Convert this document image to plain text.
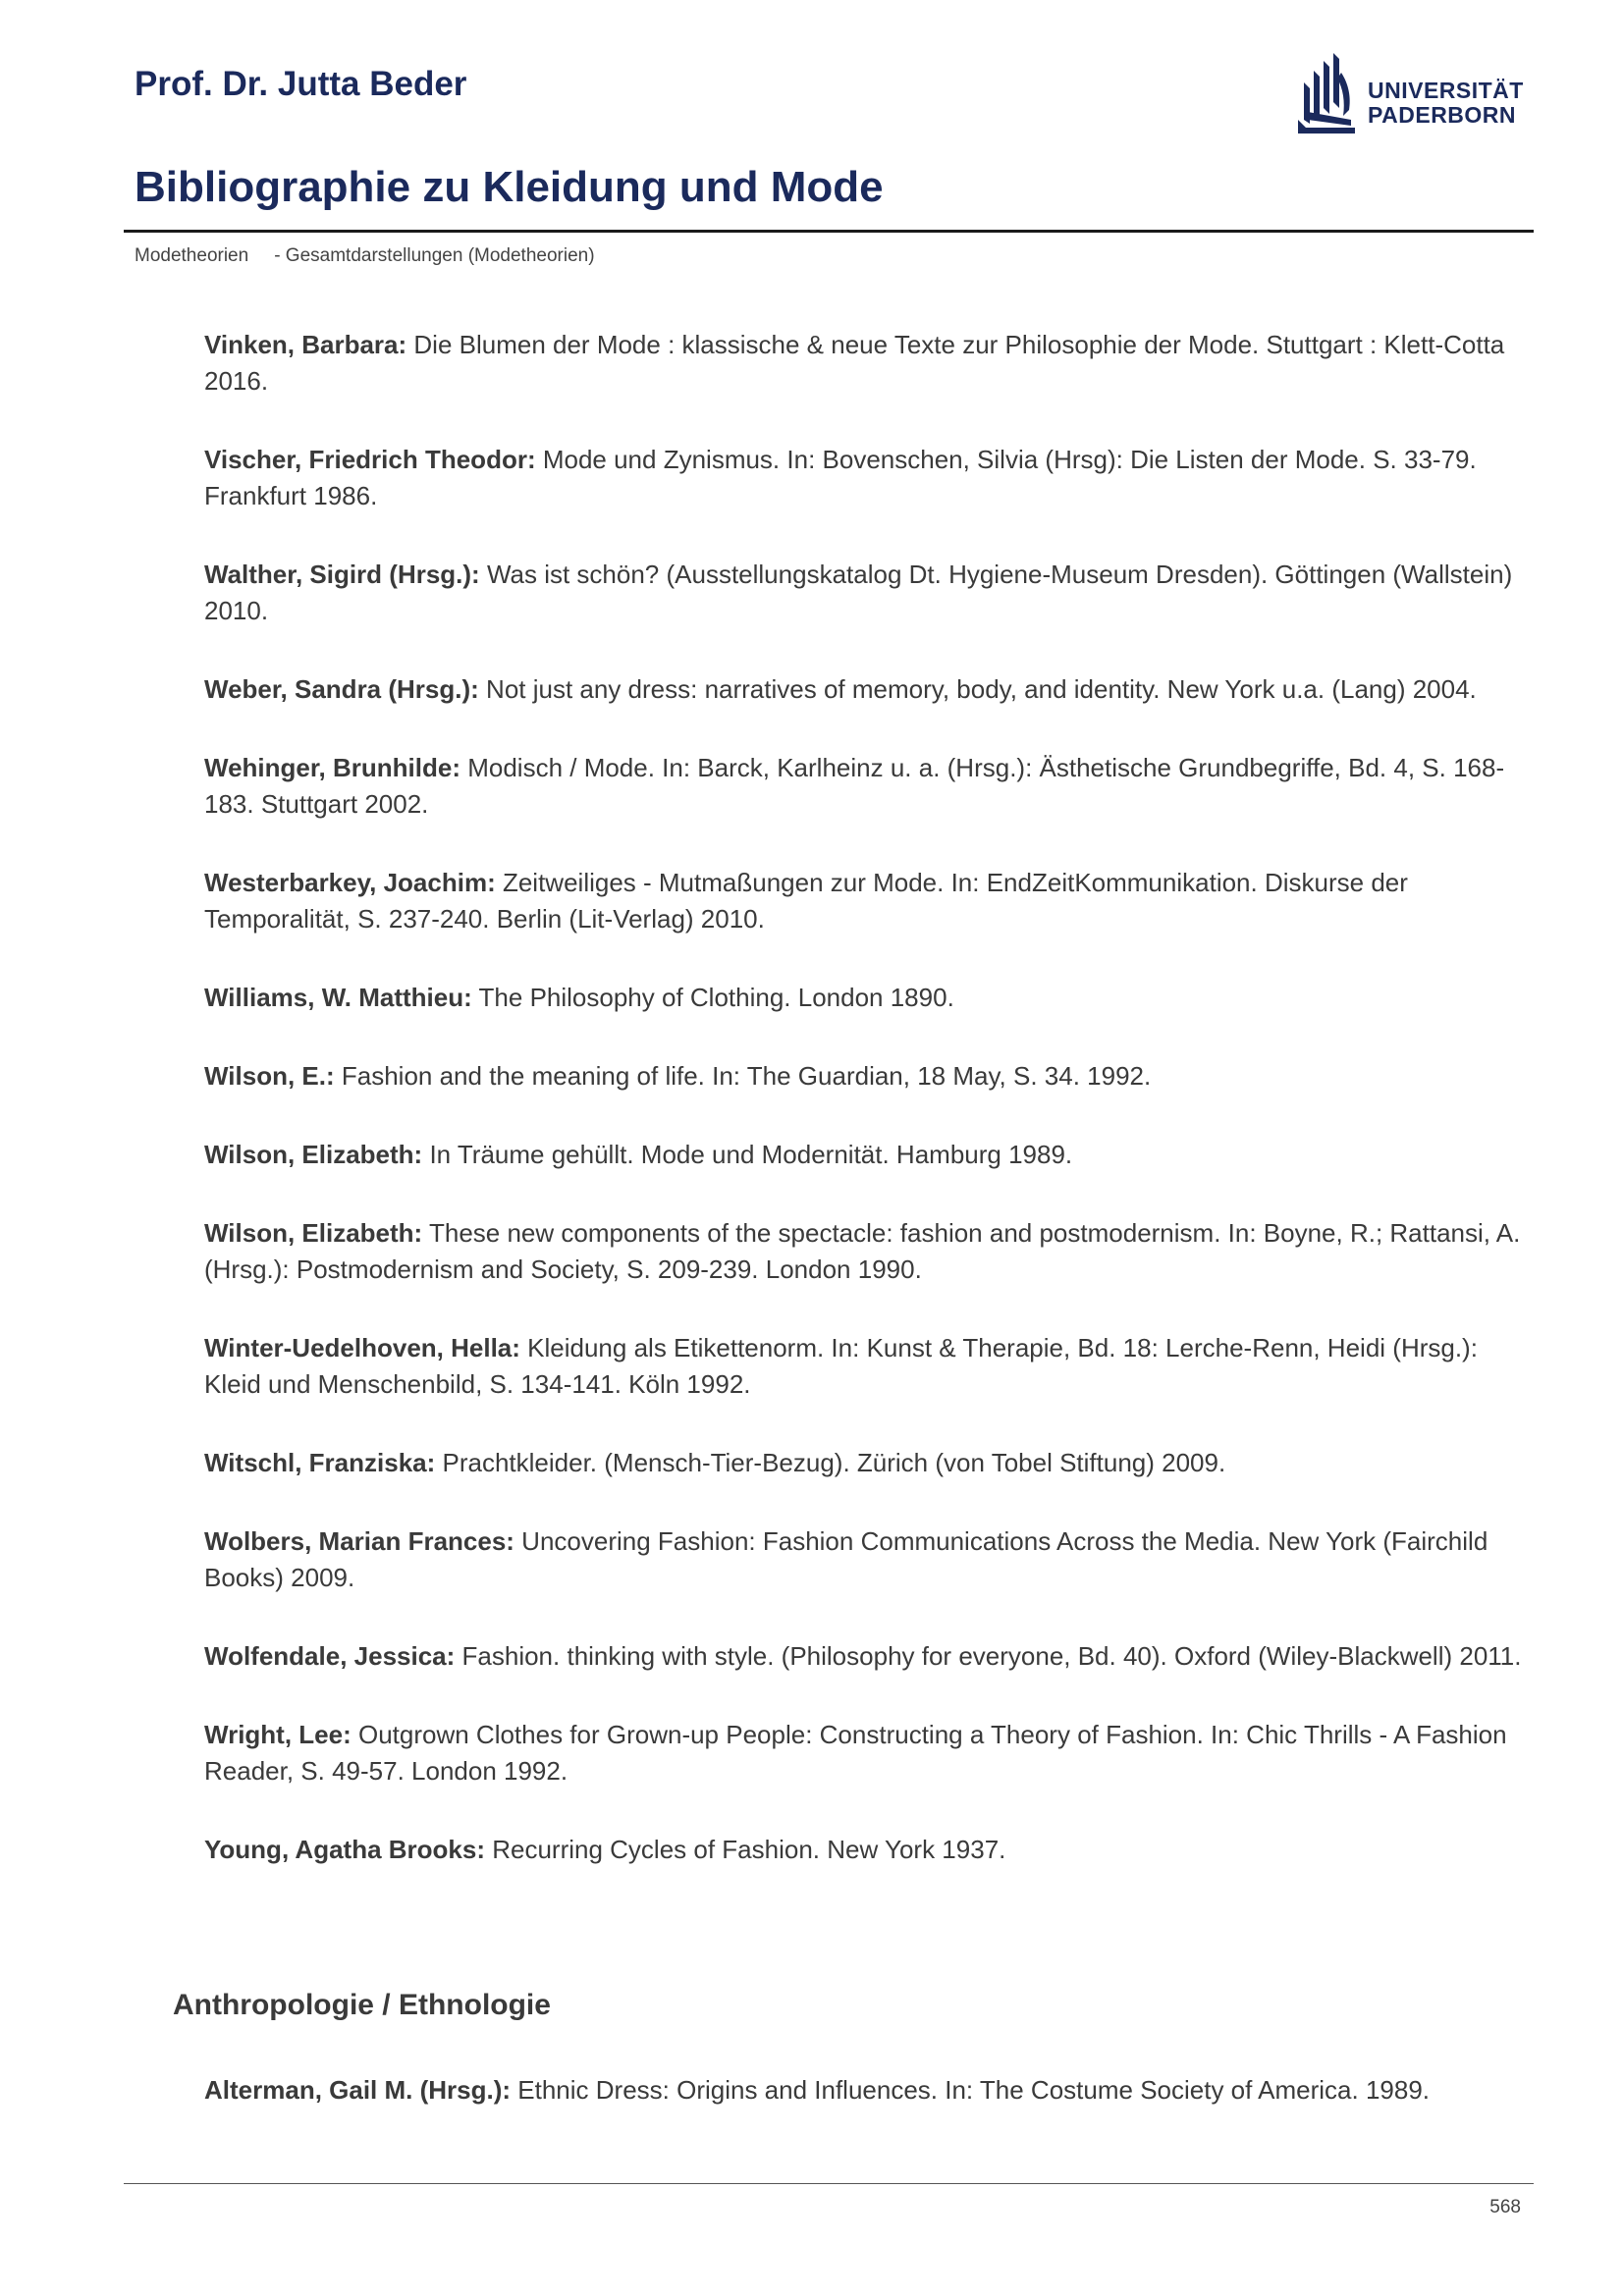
Prof. Dr. Jutta Beder	UNIVERSITÄT
PADERBORN
Bibliographie zu Kleidung und Mode
Modetheorien - Gesamtdarstellungen (Modetheorien)

Vinken, Barbara: Die Blumen der Mode : klassische & neue Texte zur Philosophie der Mode. Stuttgart : Klett-Cotta 2016.

Vischer, Friedrich Theodor: Mode und Zynismus. In: Bovenschen, Silvia (Hrsg): Die Listen der Mode. S. 33-79. Frankfurt 1986.

Walther, Sigird (Hrsg.): Was ist schön? (Ausstellungskatalog Dt. Hygiene-Museum Dresden). Göttingen (Wallstein) 2010.

Weber, Sandra (Hrsg.): Not just any dress: narratives of memory, body, and identity. New York u.a. (Lang) 2004.

Wehinger, Brunhilde: Modisch / Mode. In: Barck, Karlheinz u. a. (Hrsg.): Ästhetische Grundbegriffe, Bd. 4, S. 168-183. Stuttgart 2002.

Westerbarkey, Joachim: Zeitweiliges - Mutmaßungen zur Mode. In: EndZeitKommunikation. Diskurse der Temporalität, S. 237-240. Berlin (Lit-Verlag) 2010.

Williams, W. Matthieu: The Philosophy of Clothing. London 1890.

Wilson, E.: Fashion and the meaning of life. In: The Guardian, 18 May, S. 34. 1992.

Wilson, Elizabeth: In Träume gehüllt. Mode und Modernität. Hamburg 1989.

Wilson, Elizabeth: These new components of the spectacle: fashion and postmodernism. In: Boyne, R.; Rattansi, A. (Hrsg.): Postmodernism and Society, S. 209-239. London 1990.

Winter-Uedelhoven, Hella: Kleidung als Etikettenorm. In: Kunst & Therapie, Bd. 18: Lerche-Renn, Heidi (Hrsg.): Kleid und Menschenbild, S. 134-141. Köln 1992.

Witschl, Franziska: Prachtkleider. (Mensch-Tier-Bezug). Zürich (von Tobel Stiftung) 2009.

Wolbers, Marian Frances: Uncovering Fashion: Fashion Communications Across the Media. New York (Fairchild Books) 2009.

Wolfendale, Jessica: Fashion. thinking with style. (Philosophy for everyone, Bd. 40). Oxford (Wiley-Blackwell) 2011.

Wright, Lee: Outgrown Clothes for Grown-up People: Constructing a Theory of Fashion. In: Chic Thrills - A Fashion Reader, S. 49-57. London 1992.

Young, Agatha Brooks: Recurring Cycles of Fashion. New York 1937.

Anthropologie / Ethnologie

Alterman, Gail M. (Hrsg.): Ethnic Dress: Origins and Influences. In: The Costume Society of America. 1989.

568
